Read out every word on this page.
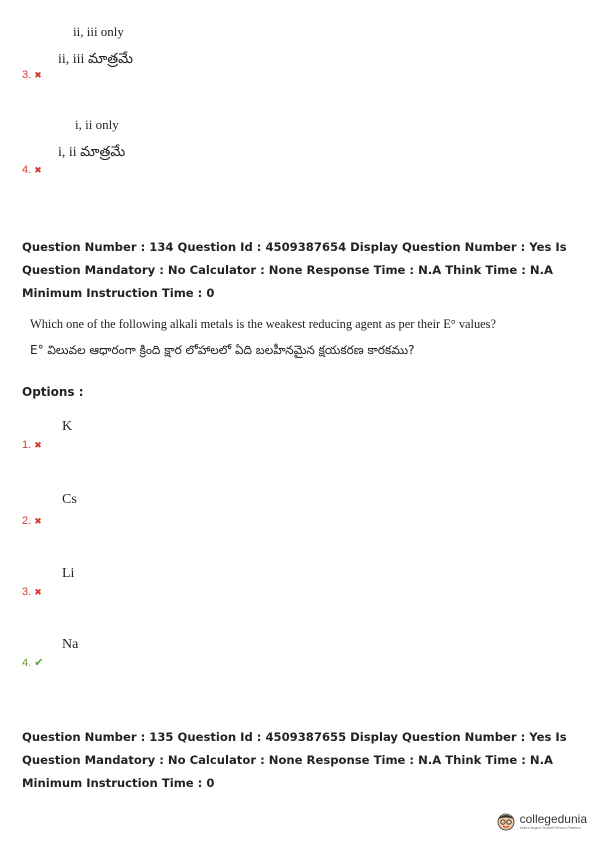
ii, iii only
3. ✖
ii, iii మాత్రమే
i, ii only
4. ✖
i, ii మాత్రమే
Question Number : 134 Question Id : 4509387654 Display Question Number : Yes Is Question Mandatory : No Calculator : None Response Time : N.A Think Time : N.A Minimum Instruction Time : 0
Which one of the following alkali metals is the weakest reducing agent as per their E° values?
E° విలువల ఆధారంగా క్రింది క్షార లోహాలలో ఏది బలహీనమైన క్షయకరణ కారకము?
Options :
K
1. ✖
Cs
2. ✖
Li
3. ✖
Na
4. ✔
Question Number : 135 Question Id : 4509387655 Display Question Number : Yes Is Question Mandatory : No Calculator : None Response Time : N.A Think Time : N.A Minimum Instruction Time : 0
collegedunia
India's largest Student Review Platform
